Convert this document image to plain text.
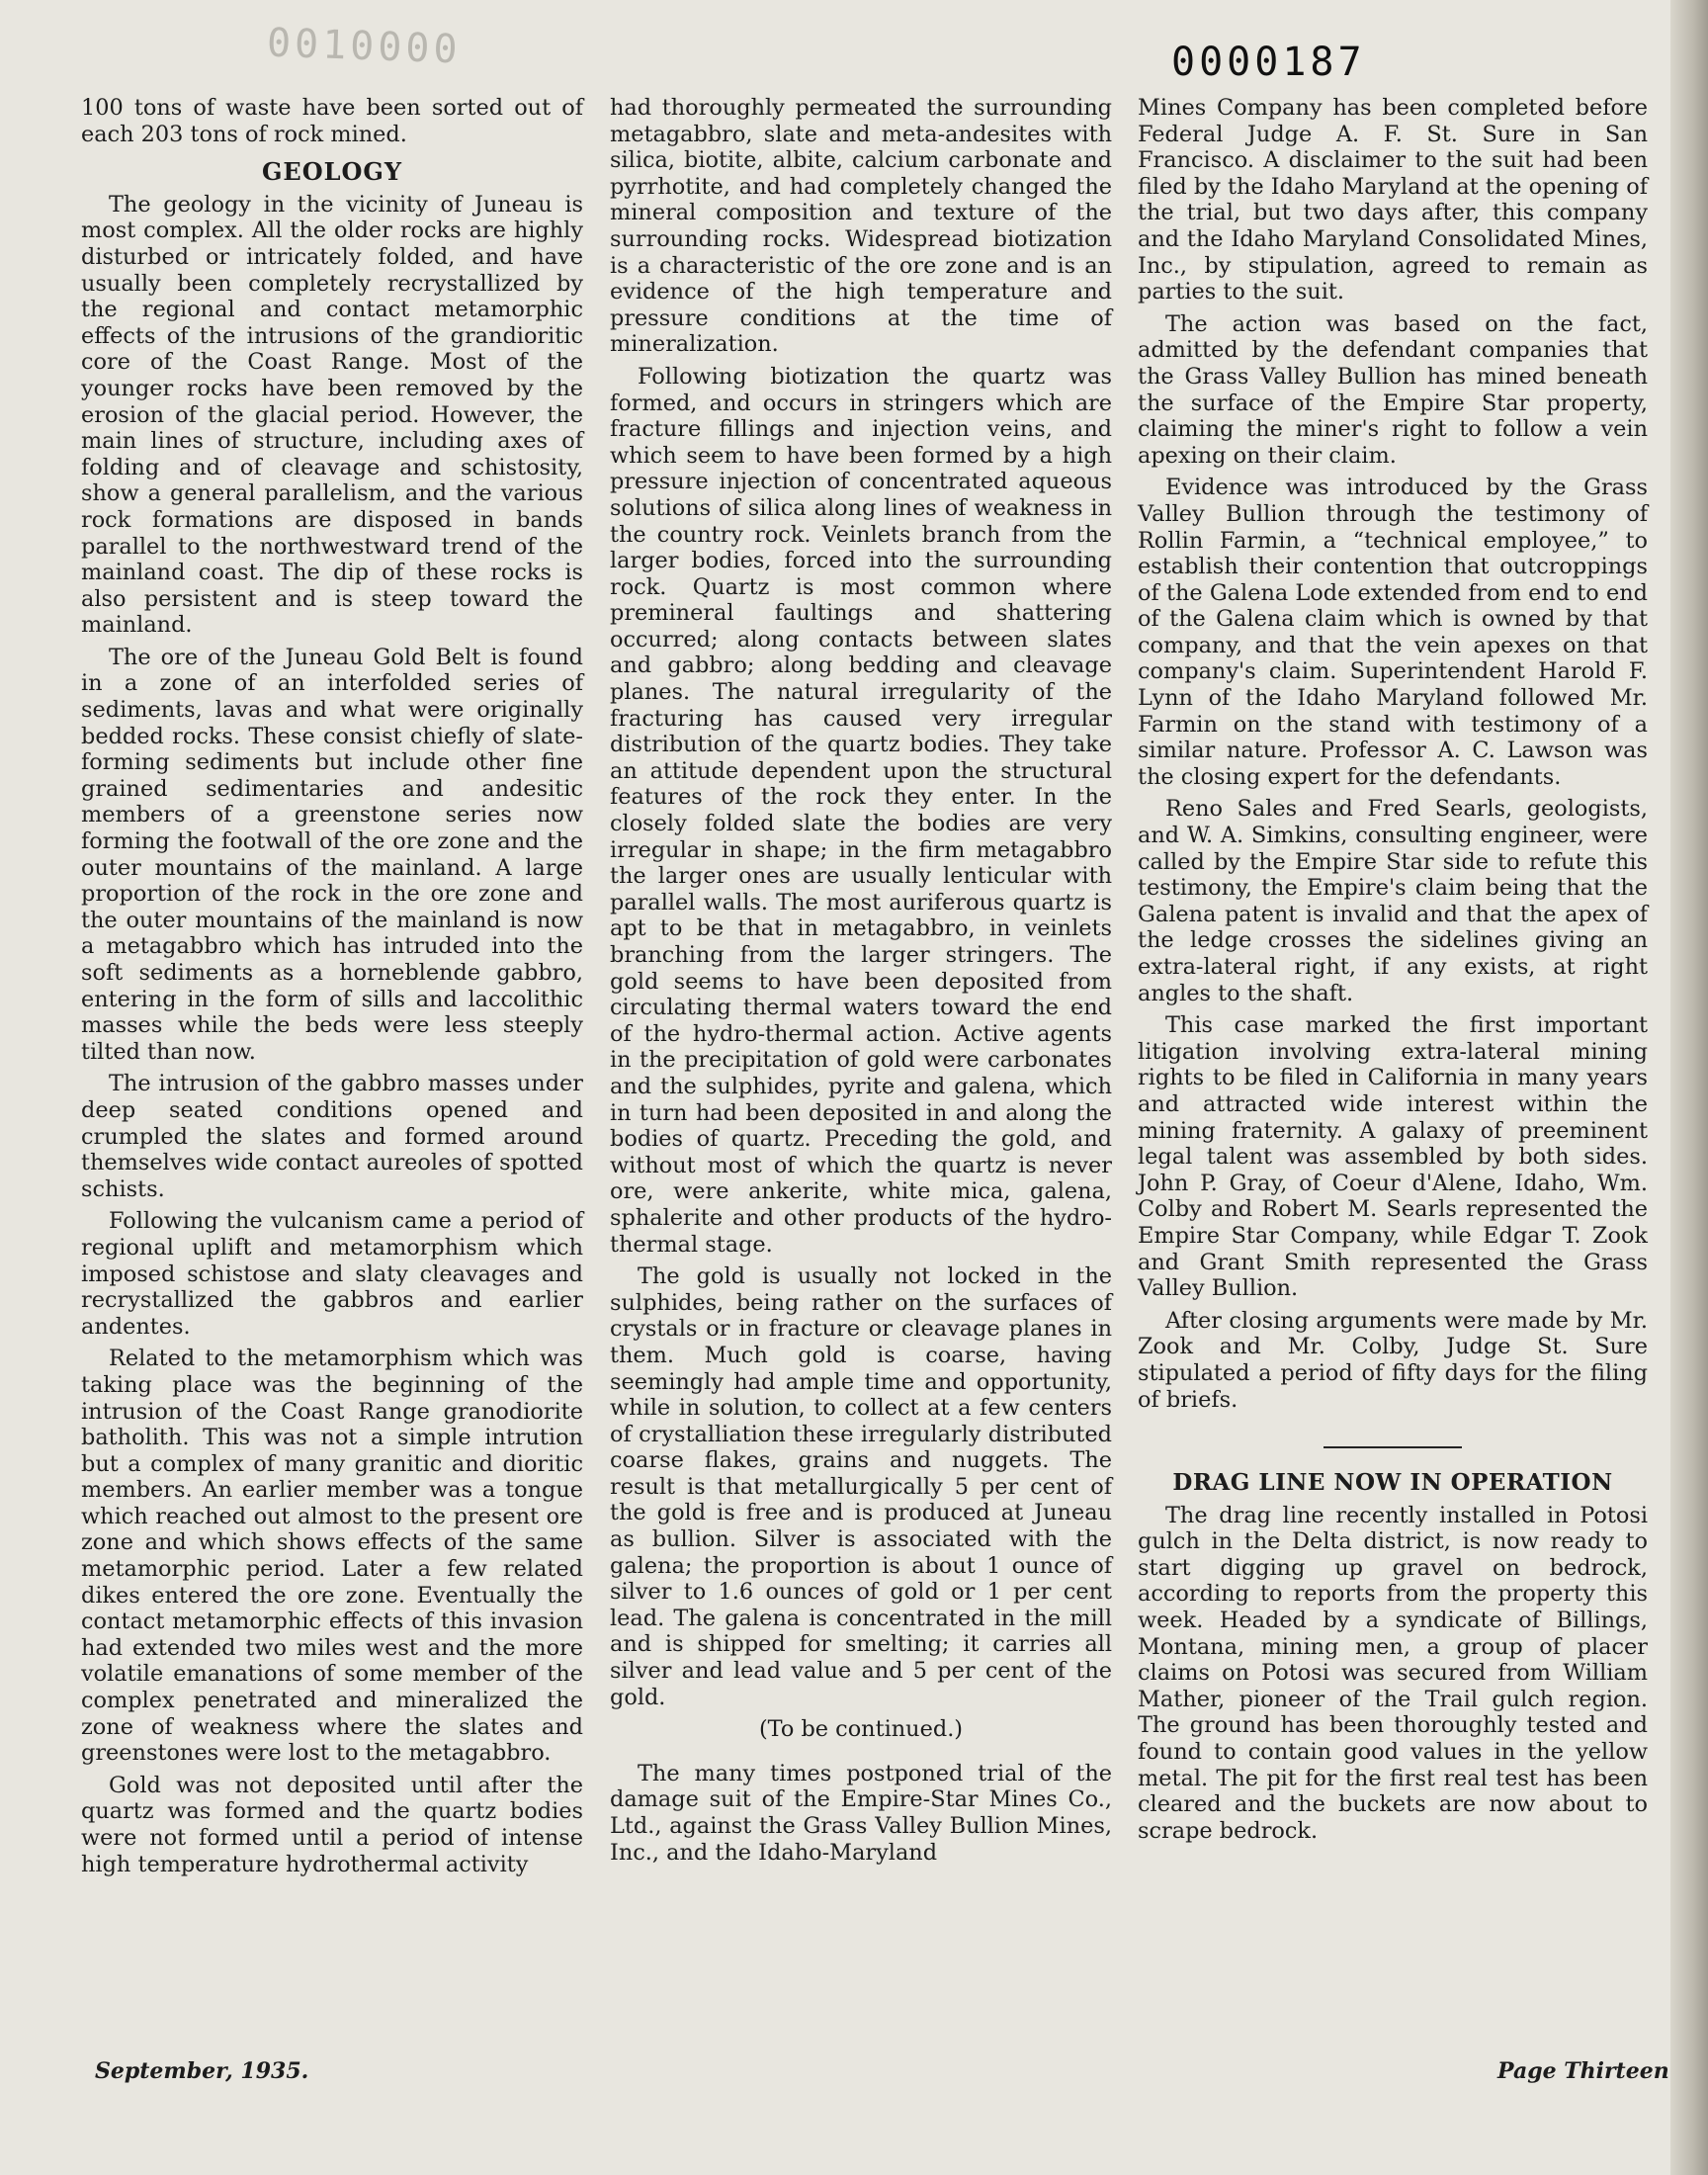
0010000	0000187

100 tons of waste have been sorted out of each 203 tons of rock mined.

GEOLOGY

The geology in the vicinity of Juneau is most complex. All the older rocks are highly disturbed or intricately folded, and have usually been completely recrystallized by the regional and contact metamorphic effects of the intrusions of the grandioritic core of the Coast Range. Most of the younger rocks have been removed by the erosion of the glacial period. However, the main lines of structure, including axes of folding and of cleavage and schistosity, show a general parallelism, and the various rock formations are disposed in bands parallel to the northwestward trend of the mainland coast. The dip of these rocks is also persistent and is steep toward the mainland.

The ore of the Juneau Gold Belt is found in a zone of an interfolded series of sediments, lavas and what were originally bedded rocks. These consist chiefly of slate-forming sediments but include other fine grained sedimentaries and andesitic members of a greenstone series now forming the footwall of the ore zone and the outer mountains of the mainland. A large proportion of the rock in the ore zone and the outer mountains of the mainland is now a metagabbro which has intruded into the soft sediments as a horneblende gabbro, entering in the form of sills and laccolithic masses while the beds were less steeply tilted than now.

The intrusion of the gabbro masses under deep seated conditions opened and crumpled the slates and formed around themselves wide contact aureoles of spotted schists.

Following the vulcanism came a period of regional uplift and metamorphism which imposed schistose and slaty cleavages and recrystallized the gabbros and earlier andentes.

Related to the metamorphism which was taking place was the beginning of the intrusion of the Coast Range granodiorite batholith. This was not a simple intrution but a complex of many granitic and dioritic members. An earlier member was a tongue which reached out almost to the present ore zone and which shows effects of the same metamorphic period. Later a few related dikes entered the ore zone. Eventually the contact metamorphic effects of this invasion had extended two miles west and the more volatile emanations of some member of the complex penetrated and mineralized the zone of weakness where the slates and greenstones were lost to the metagabbro.

Gold was not deposited until after the quartz was formed and the quartz bodies were not formed until a period of intense high temperature hydrothermal activity

had thoroughly permeated the surrounding metagabbro, slate and meta-andesites with silica, biotite, albite, calcium carbonate and pyrrhotite, and had completely changed the mineral composition and texture of the surrounding rocks. Widespread biotization is a characteristic of the ore zone and is an evidence of the high temperature and pressure conditions at the time of mineralization.

Following biotization the quartz was formed, and occurs in stringers which are fracture fillings and injection veins, and which seem to have been formed by a high pressure injection of concentrated aqueous solutions of silica along lines of weakness in the country rock. Veinlets branch from the larger bodies, forced into the surrounding rock. Quartz is most common where premineral faultings and shattering occurred; along contacts between slates and gabbro; along bedding and cleavage planes. The natural irregularity of the fracturing has caused very irregular distribution of the quartz bodies. They take an attitude dependent upon the structural features of the rock they enter. In the closely folded slate the bodies are very irregular in shape; in the firm metagabbro the larger ones are usually lenticular with parallel walls. The most auriferous quartz is apt to be that in metagabbro, in veinlets branching from the larger stringers. The gold seems to have been deposited from circulating thermal waters toward the end of the hydro-thermal action. Active agents in the precipitation of gold were carbonates and the sulphides, pyrite and galena, which in turn had been deposited in and along the bodies of quartz. Preceding the gold, and without most of which the quartz is never ore, were ankerite, white mica, galena, sphalerite and other products of the hydro-thermal stage.

The gold is usually not locked in the sulphides, being rather on the surfaces of crystals or in fracture or cleavage planes in them. Much gold is coarse, having seemingly had ample time and opportunity, while in solution, to collect at a few centers of crystalliation these irregularly distributed coarse flakes, grains and nuggets. The result is that metallurgically 5 per cent of the gold is free and is produced at Juneau as bullion. Silver is associated with the galena; the proportion is about 1 ounce of silver to 1.6 ounces of gold or 1 per cent lead. The galena is concentrated in the mill and is shipped for smelting; it carries all silver and lead value and 5 per cent of the gold.

(To be continued.)

The many times postponed trial of the damage suit of the Empire-Star Mines Co., Ltd., against the Grass Valley Bullion Mines, Inc., and the Idaho-Maryland

Mines Company has been completed before Federal Judge A. F. St. Sure in San Francisco. A disclaimer to the suit had been filed by the Idaho Maryland at the opening of the trial, but two days after, this company and the Idaho Maryland Consolidated Mines, Inc., by stipulation, agreed to remain as parties to the suit.

The action was based on the fact, admitted by the defendant companies that the Grass Valley Bullion has mined beneath the surface of the Empire Star property, claiming the miner's right to follow a vein apexing on their claim.

Evidence was introduced by the Grass Valley Bullion through the testimony of Rollin Farmin, a “technical employee,” to establish their contention that outcroppings of the Galena Lode extended from end to end of the Galena claim which is owned by that company, and that the vein apexes on that company's claim. Superintendent Harold F. Lynn of the Idaho Maryland followed Mr. Farmin on the stand with testimony of a similar nature. Professor A. C. Lawson was the closing expert for the defendants.

Reno Sales and Fred Searls, geologists, and W. A. Simkins, consulting engineer, were called by the Empire Star side to refute this testimony, the Empire's claim being that the Galena patent is invalid and that the apex of the ledge crosses the sidelines giving an extra-lateral right, if any exists, at right angles to the shaft.

This case marked the first important litigation involving extra-lateral mining rights to be filed in California in many years and attracted wide interest within the mining fraternity. A galaxy of preeminent legal talent was assembled by both sides. John P. Gray, of Coeur d'Alene, Idaho, Wm. Colby and Robert M. Searls represented the Empire Star Company, while Edgar T. Zook and Grant Smith represented the Grass Valley Bullion.

After closing arguments were made by Mr. Zook and Mr. Colby, Judge St. Sure stipulated a period of fifty days for the filing of briefs.

DRAG LINE NOW IN OPERATION

The drag line recently installed in Potosi gulch in the Delta district, is now ready to start digging up gravel on bedrock, according to reports from the property this week. Headed by a syndicate of Billings, Montana, mining men, a group of placer claims on Potosi was secured from William Mather, pioneer of the Trail gulch region. The ground has been thoroughly tested and found to contain good values in the yellow metal. The pit for the first real test has been cleared and the buckets are now about to scrape bedrock.

September, 1935.	Page Thirteen
